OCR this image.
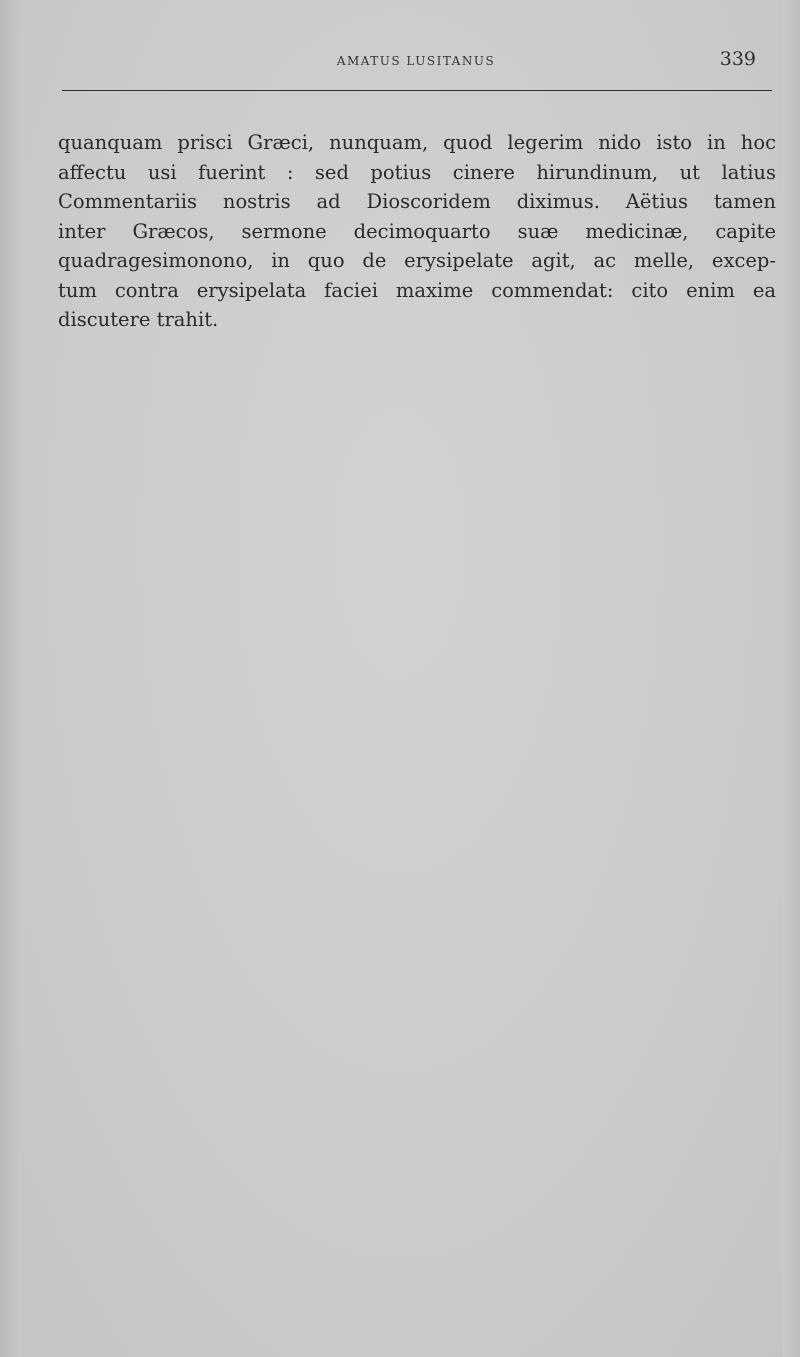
AMATUS LUSITANUS	339
quanquam prisci Græci, nunquam, quod legerim nido isto in hoc
affectu usi fuerint : sed potius cinere hirundinum, ut latius
Commentariis nostris ad Dioscoridem diximus. Aëtius tamen
inter Græcos, sermone decimoquarto suæ medicinæ, capite
quadragesimonono, in quo de erysipelate agit, ac melle, excep-
tum contra erysipelata faciei maxime commendat: cito enim ea
discutere trahit.
